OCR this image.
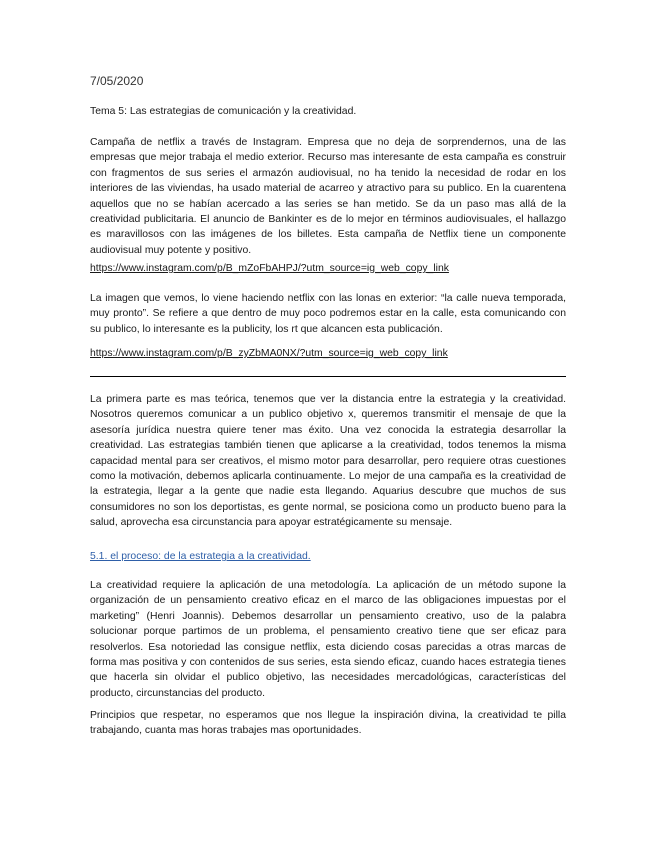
7/05/2020
Tema 5: Las estrategias de comunicación y la creatividad.

Campaña de netflix a través de Instagram. Empresa que no deja de sorprendernos, una de las empresas que mejor trabaja el medio exterior. Recurso mas interesante de esta campaña es construir con fragmentos de sus series el armazón audiovisual, no ha tenido la necesidad de rodar en los interiores de las viviendas, ha usado material de acarreo y atractivo para su publico. En la cuarentena aquellos que no se habían acercado a las series se han metido. Se da un paso mas allá de la creatividad publicitaria. El anuncio de Bankinter es de lo mejor en términos audiovisuales, el hallazgo es maravillosos con las imágenes de los billetes. Esta campaña de Netflix tiene un componente audiovisual muy potente y positivo.

https://www.instagram.com/p/B_mZoFbAHPJ/?utm_source=ig_web_copy_link

La imagen que vemos, lo viene haciendo netflix con las lonas en exterior: “la calle nueva temporada, muy pronto”. Se refiere a que dentro de muy poco podremos estar en la calle, esta comunicando con su publico, lo interesante es la publicity, los rt que alcancen esta publicación.

https://www.instagram.com/p/B_zyZbMA0NX/?utm_source=ig_web_copy_link

La primera parte es mas teórica, tenemos que ver la distancia entre la estrategia y la creatividad. Nosotros queremos comunicar a un publico objetivo x, queremos transmitir el mensaje de que la asesoría jurídica nuestra quiere tener mas éxito. Una vez conocida la estrategia desarrollar la creatividad. Las estrategias también tienen que aplicarse a la creatividad, todos tenemos la misma capacidad mental para ser creativos, el mismo motor para desarrollar, pero requiere otras cuestiones como la motivación, debemos aplicarla continuamente. Lo mejor de una campaña es la creatividad de la estrategia, llegar a la gente que nadie esta llegando. Aquarius descubre que muchos de sus consumidores no son los deportistas, es gente normal, se posiciona como un producto bueno para la salud, aprovecha esa circunstancia para apoyar estratégicamente su mensaje.

5.1. el proceso: de la estrategia a la creatividad.

La creatividad requiere la aplicación de una metodología. La aplicación de un método supone la organización de un pensamiento creativo eficaz en el marco de las obligaciones impuestas por el marketing” (Henri Joannis). Debemos desarrollar un pensamiento creativo, uso de la palabra solucionar porque partimos de un problema, el pensamiento creativo tiene que ser eficaz para resolverlos. Esa notoriedad las consigue netflix, esta diciendo cosas parecidas a otras marcas de forma mas positiva y con contenidos de sus series, esta siendo eficaz, cuando haces estrategia tienes que hacerla sin olvidar el publico objetivo, las necesidades mercadológicas, características del producto, circunstancias del producto.

Principios que respetar, no esperamos que nos llegue la inspiración divina, la creatividad te pilla trabajando, cuanta mas horas trabajes mas oportunidades.
